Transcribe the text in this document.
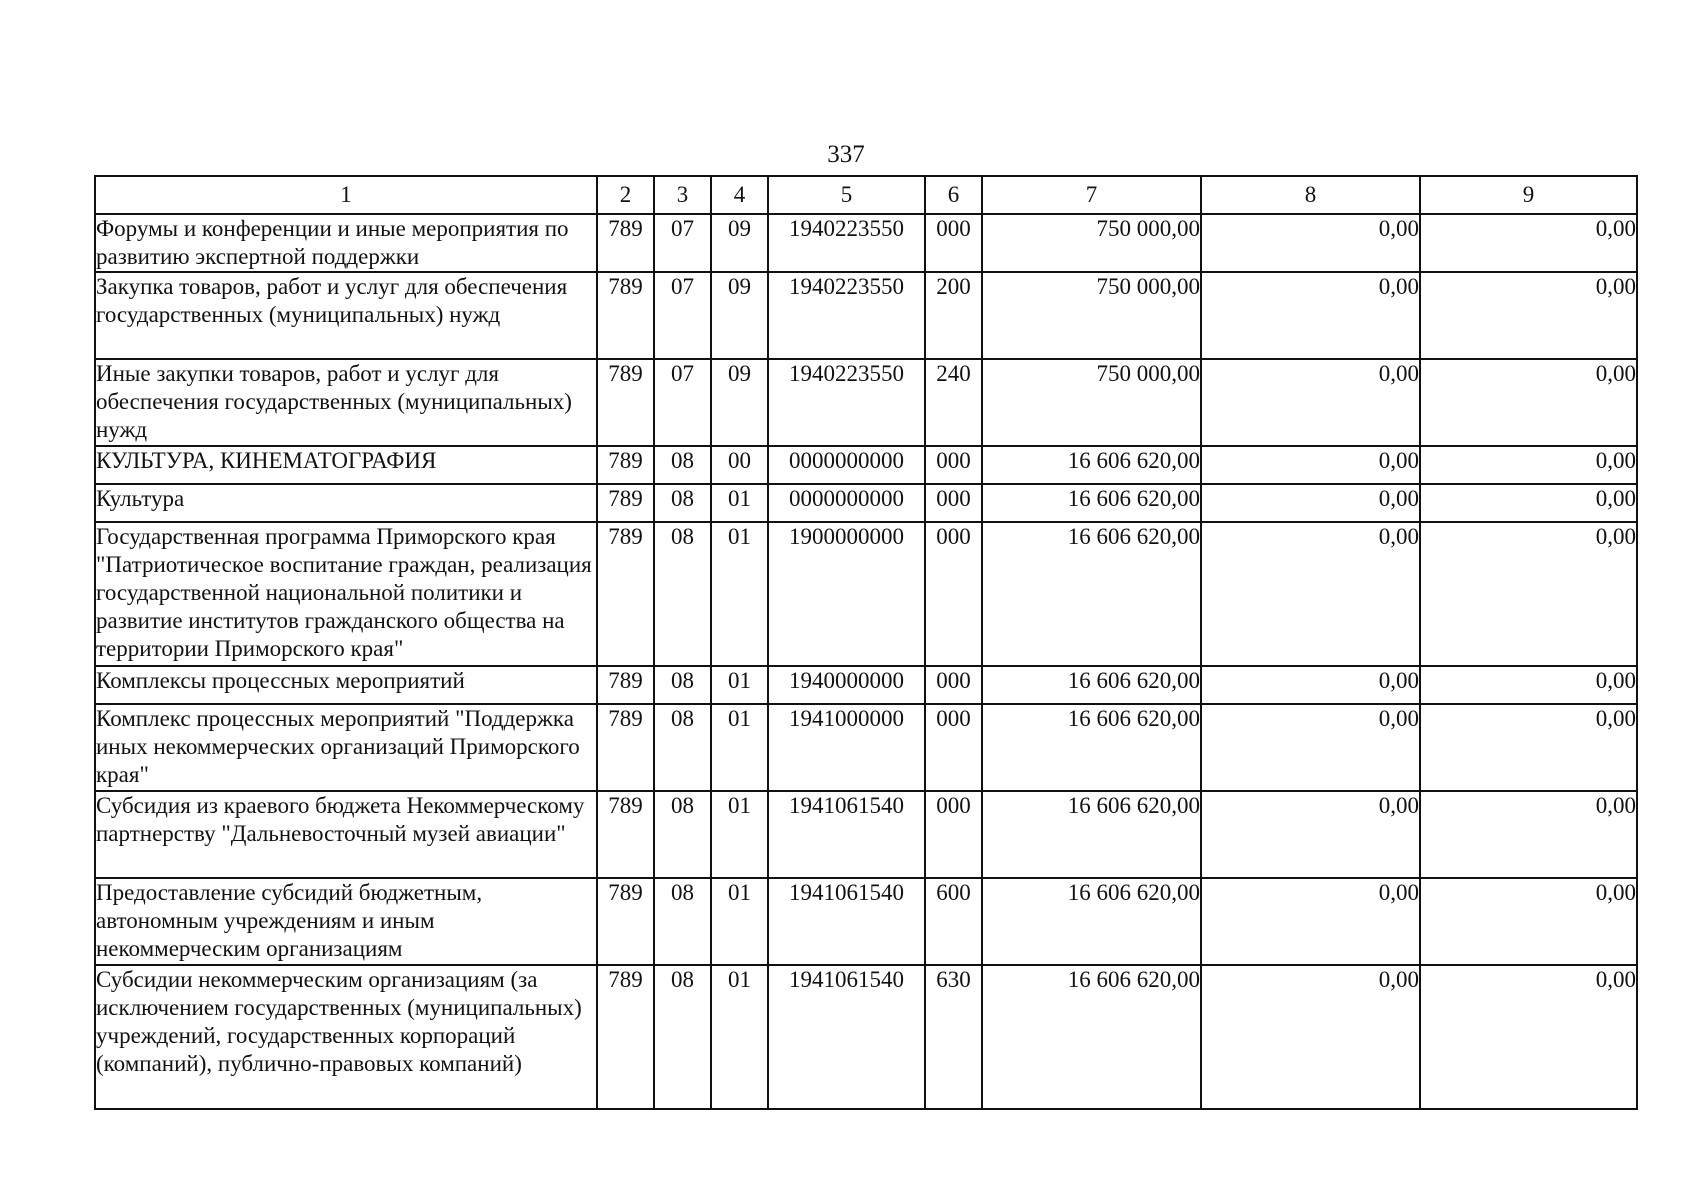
337
1	2	3	4	5	6	7	8	9
Форумы и конференции и иные мероприятия по развитию экспертной поддержки	789	07	09	1940223550	000	750 000,00	0,00	0,00
Закупка товаров, работ и услуг для обеспечения государственных (муниципальных) нужд	789	07	09	1940223550	200	750 000,00	0,00	0,00
Иные закупки товаров, работ и услуг для обеспечения государственных (муниципальных) нужд	789	07	09	1940223550	240	750 000,00	0,00	0,00
КУЛЬТУРА, КИНЕМАТОГРАФИЯ	789	08	00	0000000000	000	16 606 620,00	0,00	0,00
Культура	789	08	01	0000000000	000	16 606 620,00	0,00	0,00
Государственная программа Приморского края "Патриотическое воспитание граждан, реализация государственной национальной политики и развитие институтов гражданского общества на территории Приморского края"	789	08	01	1900000000	000	16 606 620,00	0,00	0,00
Комплексы процессных мероприятий	789	08	01	1940000000	000	16 606 620,00	0,00	0,00
Комплекс процессных мероприятий "Поддержка иных некоммерческих организаций Приморского края"	789	08	01	1941000000	000	16 606 620,00	0,00	0,00
Субсидия из краевого бюджета Некоммерческому партнерству "Дальневосточный музей авиации"	789	08	01	1941061540	000	16 606 620,00	0,00	0,00
Предоставление субсидий бюджетным, автономным учреждениям и иным некоммерческим организациям	789	08	01	1941061540	600	16 606 620,00	0,00	0,00
Субсидии некоммерческим организациям (за исключением государственных (муниципальных) учреждений, государственных корпораций (компаний), публично-правовых компаний)	789	08	01	1941061540	630	16 606 620,00	0,00	0,00
